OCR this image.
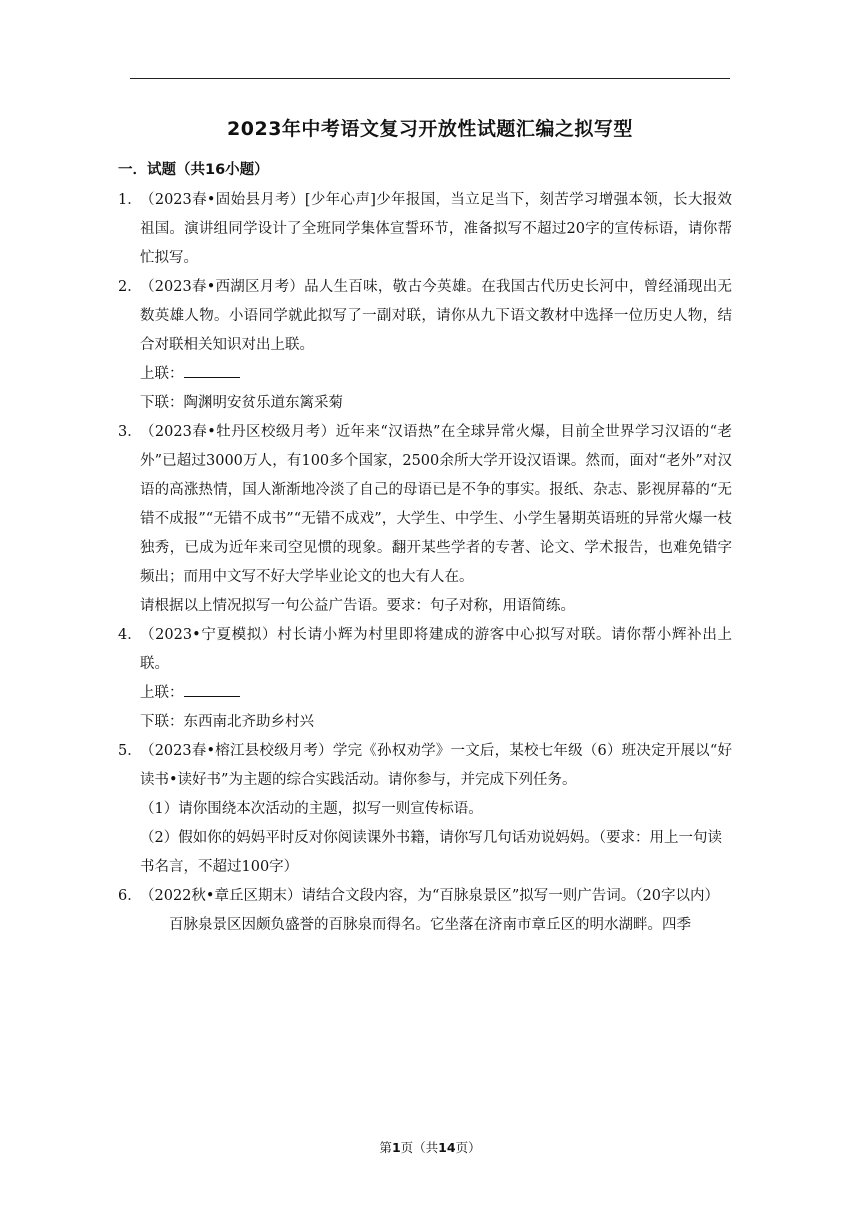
2023年中考语文复习开放性试题汇编之拟写型
一．试题（共16小题）
1．
（2023春•固始县月考）[少年心声]少年报国，当立足当下，刻苦学习增强本领，长大报效祖国。演讲组同学设计了全班同学集体宣誓环节，准备拟写不超过20字的宣传标语，请你帮忙拟写。
2．
（2023春•西湖区月考）品人生百味，敬古今英雄。在我国古代历史长河中，曾经涌现出无数英雄人物。小语同学就此拟写了一副对联，请你从九下语文教材中选择一位历史人物，结合对联相关知识对出上联。
上联：
下联：陶渊明安贫乐道东篱采菊
3．
（2023春•牡丹区校级月考）近年来“汉语热”在全球异常火爆，目前全世界学习汉语的“老外”已超过3000万人，有100多个国家，2500余所大学开设汉语课。然而，面对“老外”对汉语的高涨热情，国人渐渐地冷淡了自己的母语已是不争的事实。报纸、杂志、影视屏幕的“无错不成报”“无错不成书”“无错不成戏”，大学生、中学生、小学生暑期英语班的异常火爆一枝独秀，已成为近年来司空见惯的现象。翻开某些学者的专著、论文、学术报告，也难免错字频出；而用中文写不好大学毕业论文的也大有人在。
请根据以上情况拟写一句公益广告语。要求：句子对称，用语简练。
4．
（2023•宁夏模拟）村长请小辉为村里即将建成的游客中心拟写对联。请你帮小辉补出上联。
上联：
下联：东西南北齐助乡村兴
5．
（2023春•榕江县校级月考）学完《孙权劝学》一文后，某校七年级（6）班决定开展以“好读书•读好书”为主题的综合实践活动。请你参与，并完成下列任务。
（1）请你围绕本次活动的主题，拟写一则宣传标语。
（2）假如你的妈妈平时反对你阅读课外书籍，请你写几句话劝说妈妈。（要求：用上一句读书名言，不超过100字）
6．
（2022秋•章丘区期末）请结合文段内容，为“百脉泉景区”拟写一则广告词。（20字以内）
百脉泉景区因颇负盛誉的百脉泉而得名。它坐落在济南市章丘区的明水湖畔。四季
第1页（共14页）
